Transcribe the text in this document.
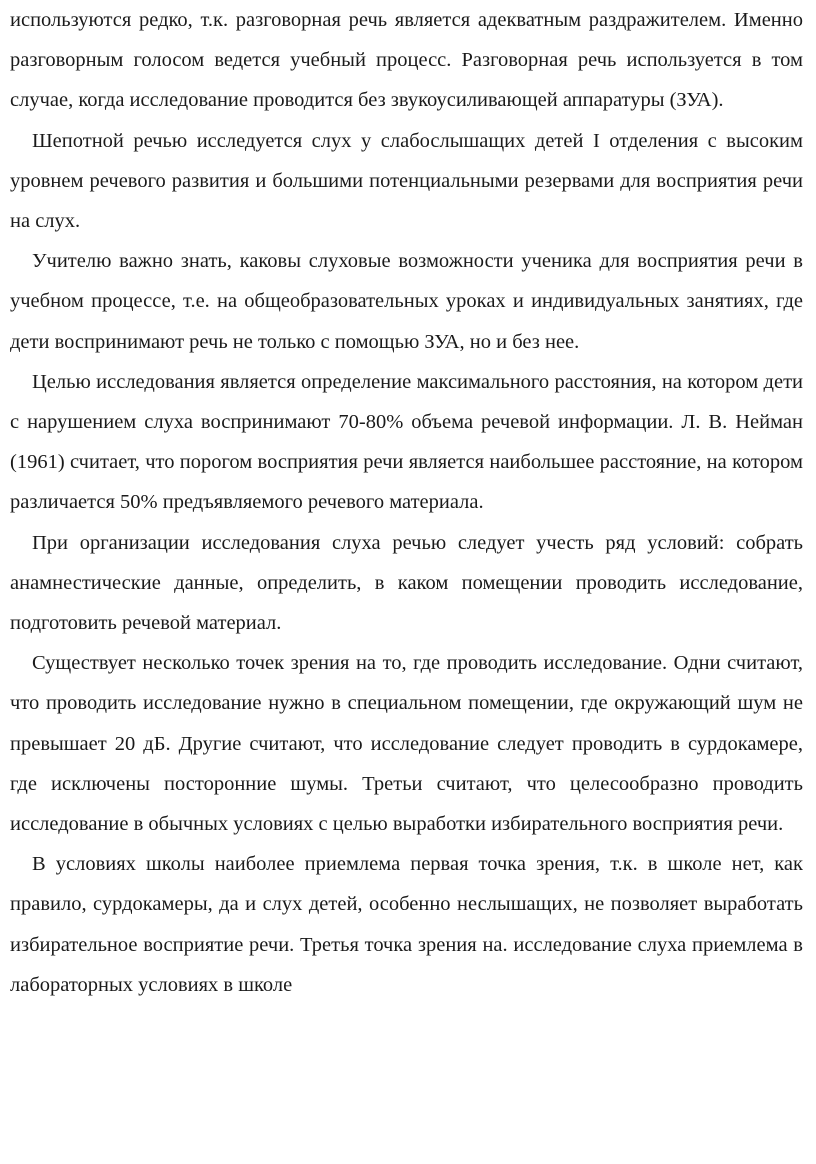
используются редко, т.к. разговорная речь является адекватным раздражителем. Именно разговорным голосом ведется учебный процесс. Разговорная речь используется в том случае, когда исследование проводится без звукоусиливающей аппаратуры (ЗУА).

Шепотной речью исследуется слух у слабослышащих детей I отделения с высоким уровнем речевого развития и большими потенциальными резервами для восприятия речи на слух.

Учителю важно знать, каковы слуховые возможности ученика для восприятия речи в учебном процессе, т.е. на общеобразовательных уроках и индивидуальных занятиях, где дети воспринимают речь не только с помощью ЗУА, но и без нее.

Целью исследования является определение максимального расстояния, на котором дети с нарушением слуха воспринимают 70-80% объема речевой информации. Л. В. Нейман (1961) считает, что порогом восприятия речи является наибольшее расстояние, на котором различается 50% предъявляемого речевого материала.

При организации исследования слуха речью следует учесть ряд условий: собрать анамнестические данные, определить, в каком помещении проводить исследование, подготовить речевой материал.

Существует несколько точек зрения на то, где проводить исследование. Одни считают, что проводить исследование нужно в специальном помещении, где окружающий шум не превышает 20 дБ. Другие считают, что исследование следует проводить в сурдокамере, где исключены посторонние шумы. Третьи считают, что целесообразно проводить исследование в обычных условиях с целью выработки избирательного восприятия речи.

В условиях школы наиболее приемлема первая точка зрения, т.к. в школе нет, как правило, сурдокамеры, да и слух детей, особенно неслышащих, не позволяет выработать избирательное восприятие речи. Третья точка зрения на. исследование слуха приемлема в лабораторных условиях в школе
